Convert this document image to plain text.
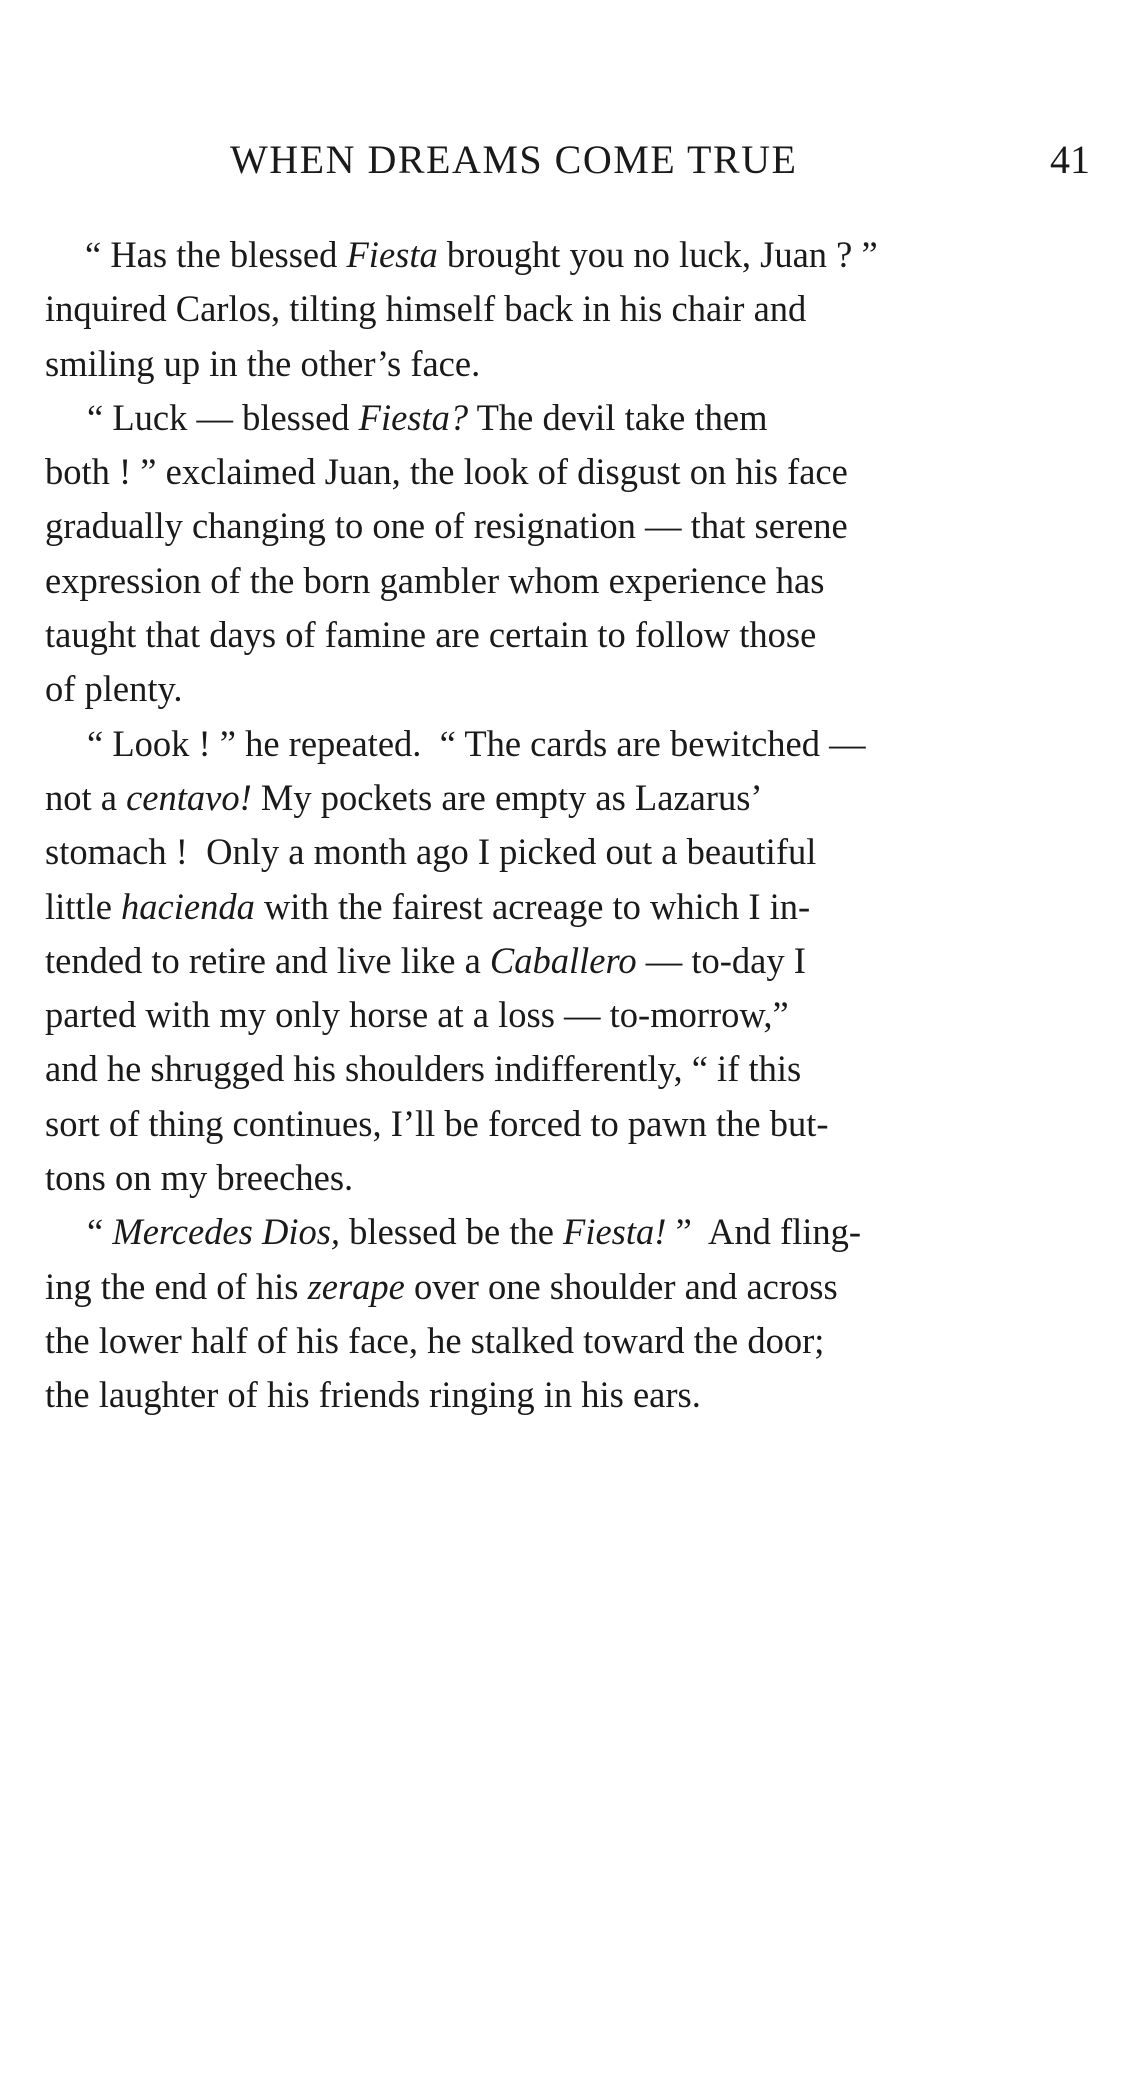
WHEN DREAMS COME TRUE	41
“ Has the blessed Fiesta brought you no luck, Juan ? ”
inquired Carlos, tilting himself back in his chair and
smiling up in the other’s face.
“ Luck — blessed Fiesta? The devil take them
both ! ” exclaimed Juan, the look of disgust on his face
gradually changing to one of resignation — that serene
expression of the born gambler whom experience has
taught that days of famine are certain to follow those
of plenty.
“ Look ! ” he repeated.  “ The cards are bewitched —
not a centavo! My pockets are empty as Lazarus’
stomach !  Only a month ago I picked out a beautiful
little hacienda with the fairest acreage to which I in-
tended to retire and live like a Caballero — to-day I
parted with my only horse at a loss — to-morrow,”
and he shrugged his shoulders indifferently, “ if this
sort of thing continues, I’ll be forced to pawn the but-
tons on my breeches.
“ Mercedes Dios, blessed be the Fiesta! ”  And fling-
ing the end of his zerape over one shoulder and across
the lower half of his face, he stalked toward the door;
the laughter of his friends ringing in his ears.
